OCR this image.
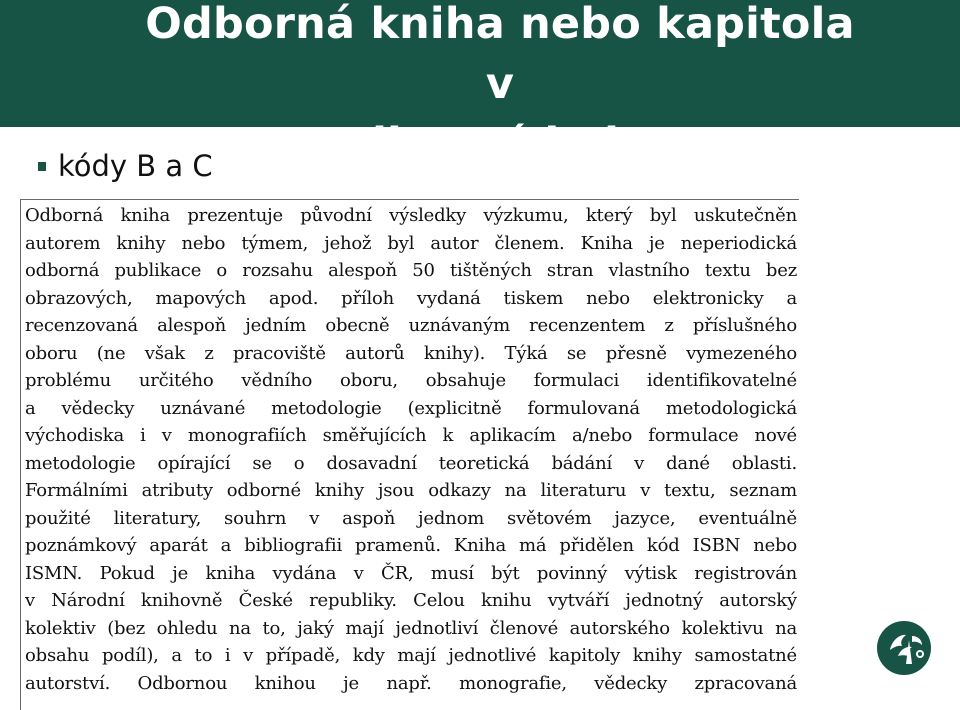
Odborná kniha nebo kapitola v
odborné knize
kódy B a C
Odborná kniha prezentuje původní výsledky výzkumu, který byl uskutečněn
autorem knihy nebo týmem, jehož byl autor členem. Kniha je neperiodická
odborná publikace o rozsahu alespoň 50 tištěných stran vlastního textu bez
obrazových, mapových apod. příloh vydaná tiskem nebo elektronicky a
recenzovaná alespoň jedním obecně uznávaným recenzentem z příslušného
oboru (ne však z pracoviště autorů knihy). Týká se přesně vymezeného
problému určitého vědního oboru, obsahuje formulaci identifikovatelné
a vědecky uznávané metodologie (explicitně formulovaná metodologická
východiska i v monografiích směřujících k aplikacím a/nebo formulace nové
metodologie opírající se o dosavadní teoretická bádání v dané oblasti.
Formálními atributy odborné knihy jsou odkazy na literaturu v textu, seznam
použité literatury, souhrn v aspoň jednom světovém jazyce, eventuálně
poznámkový aparát a bibliografii pramenů. Kniha má přidělen kód ISBN nebo
ISMN. Pokud je kniha vydána v ČR, musí být povinný výtisk registrován
v Národní knihovně České republiky. Celou knihu vytváří jednotný autorský
kolektiv (bez ohledu na to, jaký mají jednotliví členové autorského kolektivu na
obsahu podíl), a to i v případě, kdy mají jednotlivé kapitoly knihy samostatné
autorství. Odbornou knihou je např. monografie, vědecky zpracovaná
